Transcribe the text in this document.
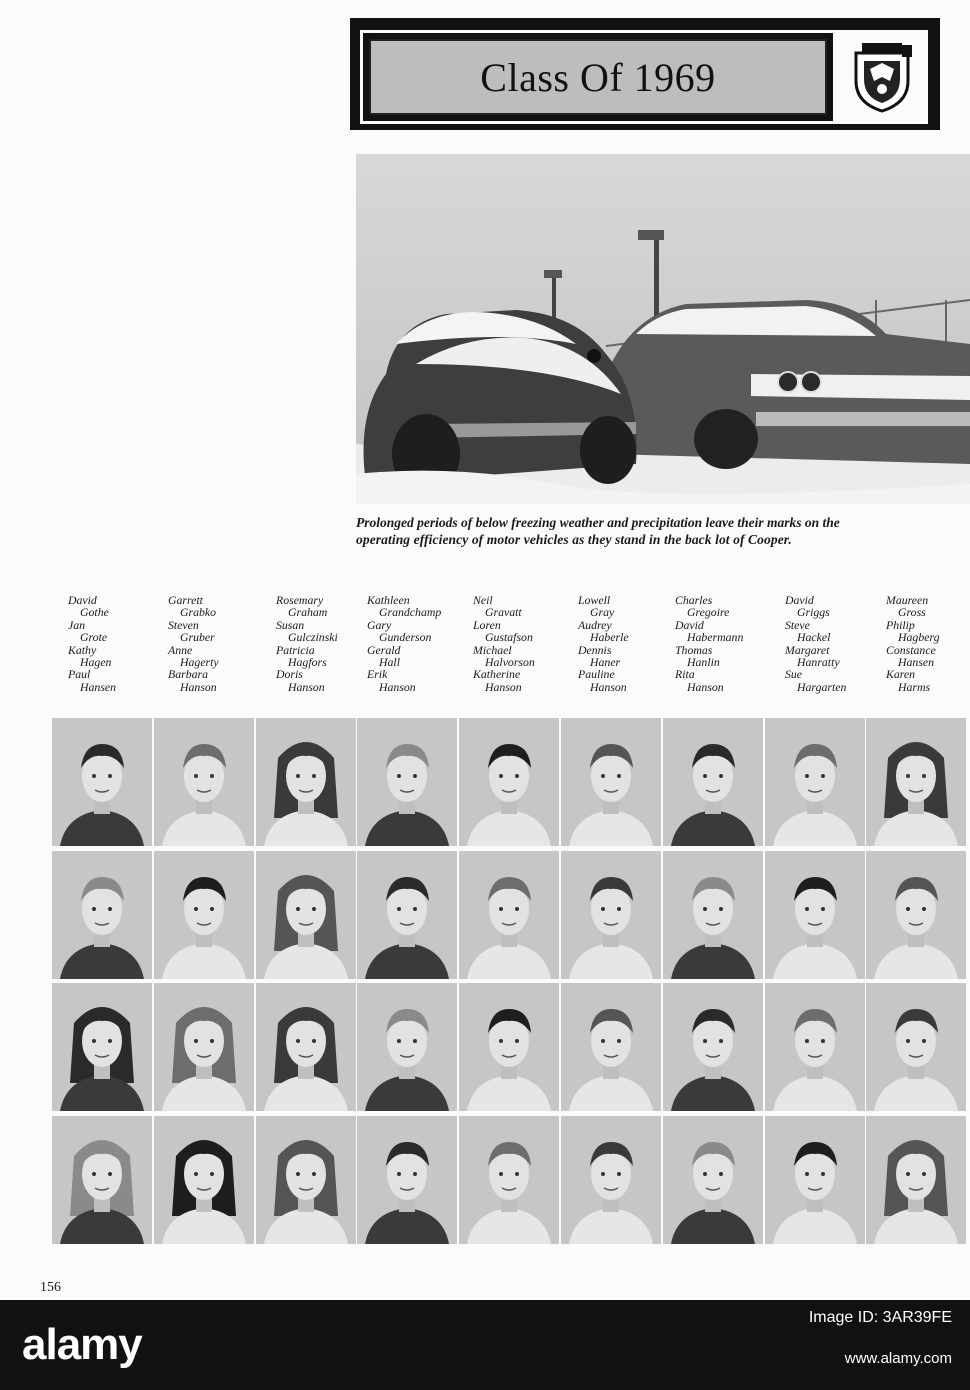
Class Of 1969
Prolonged periods of below freezing weather and precipitation leave their marks on the
operating efficiency of motor vehicles as they stand in the back lot of Cooper.
David
Gothe
Jan
Grote
Kathy
Hagen
Paul
Hansen
Garrett
Grabko
Steven
Gruber
Anne
Hagerty
Barbara
Hanson
Rosemary
Graham
Susan
Gulczinski
Patricia
Hagfors
Doris
Hanson
Kathleen
Grandchamp
Gary
Gunderson
Gerald
Hall
Erik
Hanson
Neil
Gravatt
Loren
Gustafson
Michael
Halvorson
Katherine
Hanson
Lowell
Gray
Audrey
Haberle
Dennis
Haner
Pauline
Hanson
Charles
Gregoire
David
Habermann
Thomas
Hanlin
Rita
Hanson
David
Griggs
Steve
Hackel
Margaret
Hanratty
Sue
Hargarten
Maureen
Gross
Philip
Hagberg
Constance
Hansen
Karen
Harms
156
alamy
Image ID: 3AR39FE
www.alamy.com
